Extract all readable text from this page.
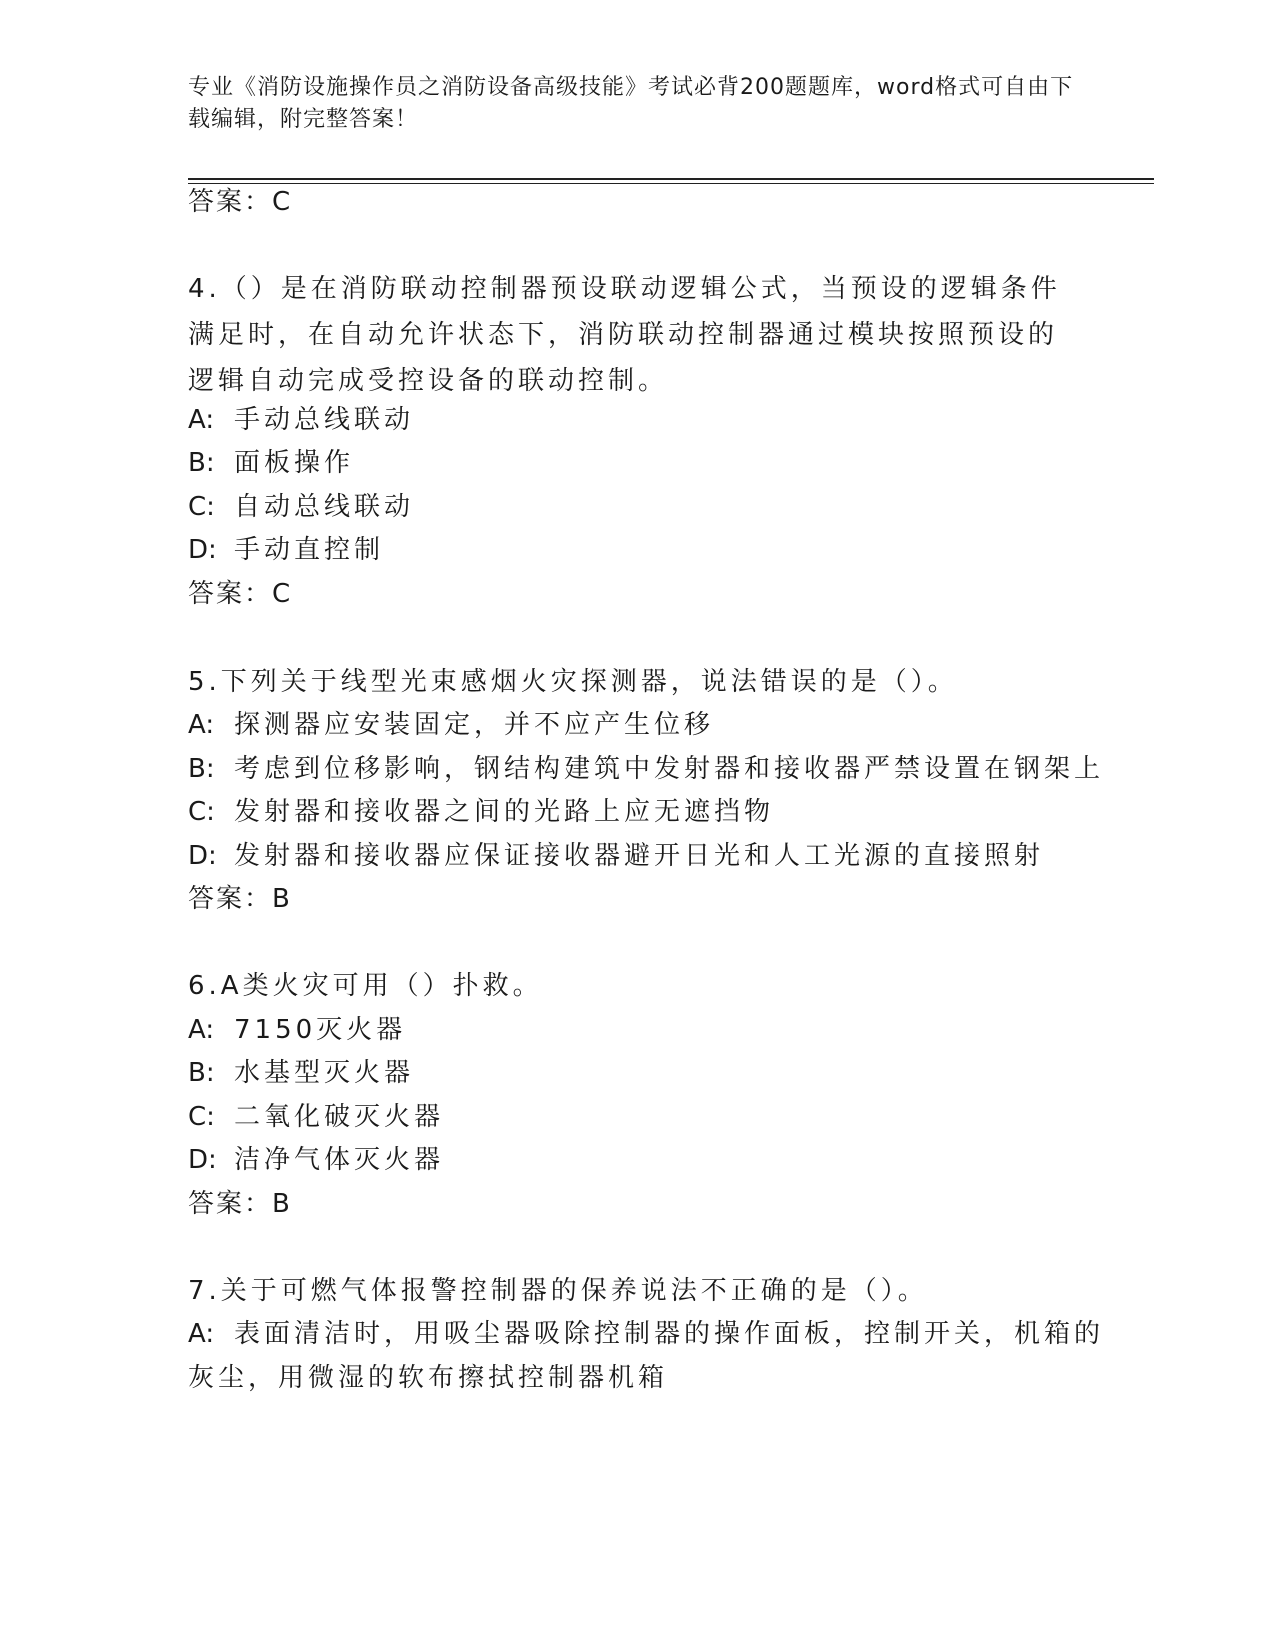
专业《消防设施操作员之消防设备高级技能》考试必背200题题库，word格式可自由下载编辑，附完整答案！
答案：C
4.（）是在消防联动控制器预设联动逻辑公式，当预设的逻辑条件满足时，在自动允许状态下，消防联动控制器通过模块按照预设的逻辑自动完成受控设备的联动控制。
A: 手动总线联动
B: 面板操作
C: 自动总线联动
D: 手动直控制
答案：C
5.下列关于线型光束感烟火灾探测器，说法错误的是（）。
A: 探测器应安装固定，并不应产生位移
B: 考虑到位移影响，钢结构建筑中发射器和接收器严禁设置在钢架上
C: 发射器和接收器之间的光路上应无遮挡物
D: 发射器和接收器应保证接收器避开日光和人工光源的直接照射
答案：B
6.A类火灾可用（）扑救。
A: 7150灭火器
B: 水基型灭火器
C: 二氧化破灭火器
D: 洁净气体灭火器
答案：B
7.关于可燃气体报警控制器的保养说法不正确的是（）。
A: 表面清洁时，用吸尘器吸除控制器的操作面板，控制开关，机箱的
灰尘，用微湿的软布擦拭控制器机箱
